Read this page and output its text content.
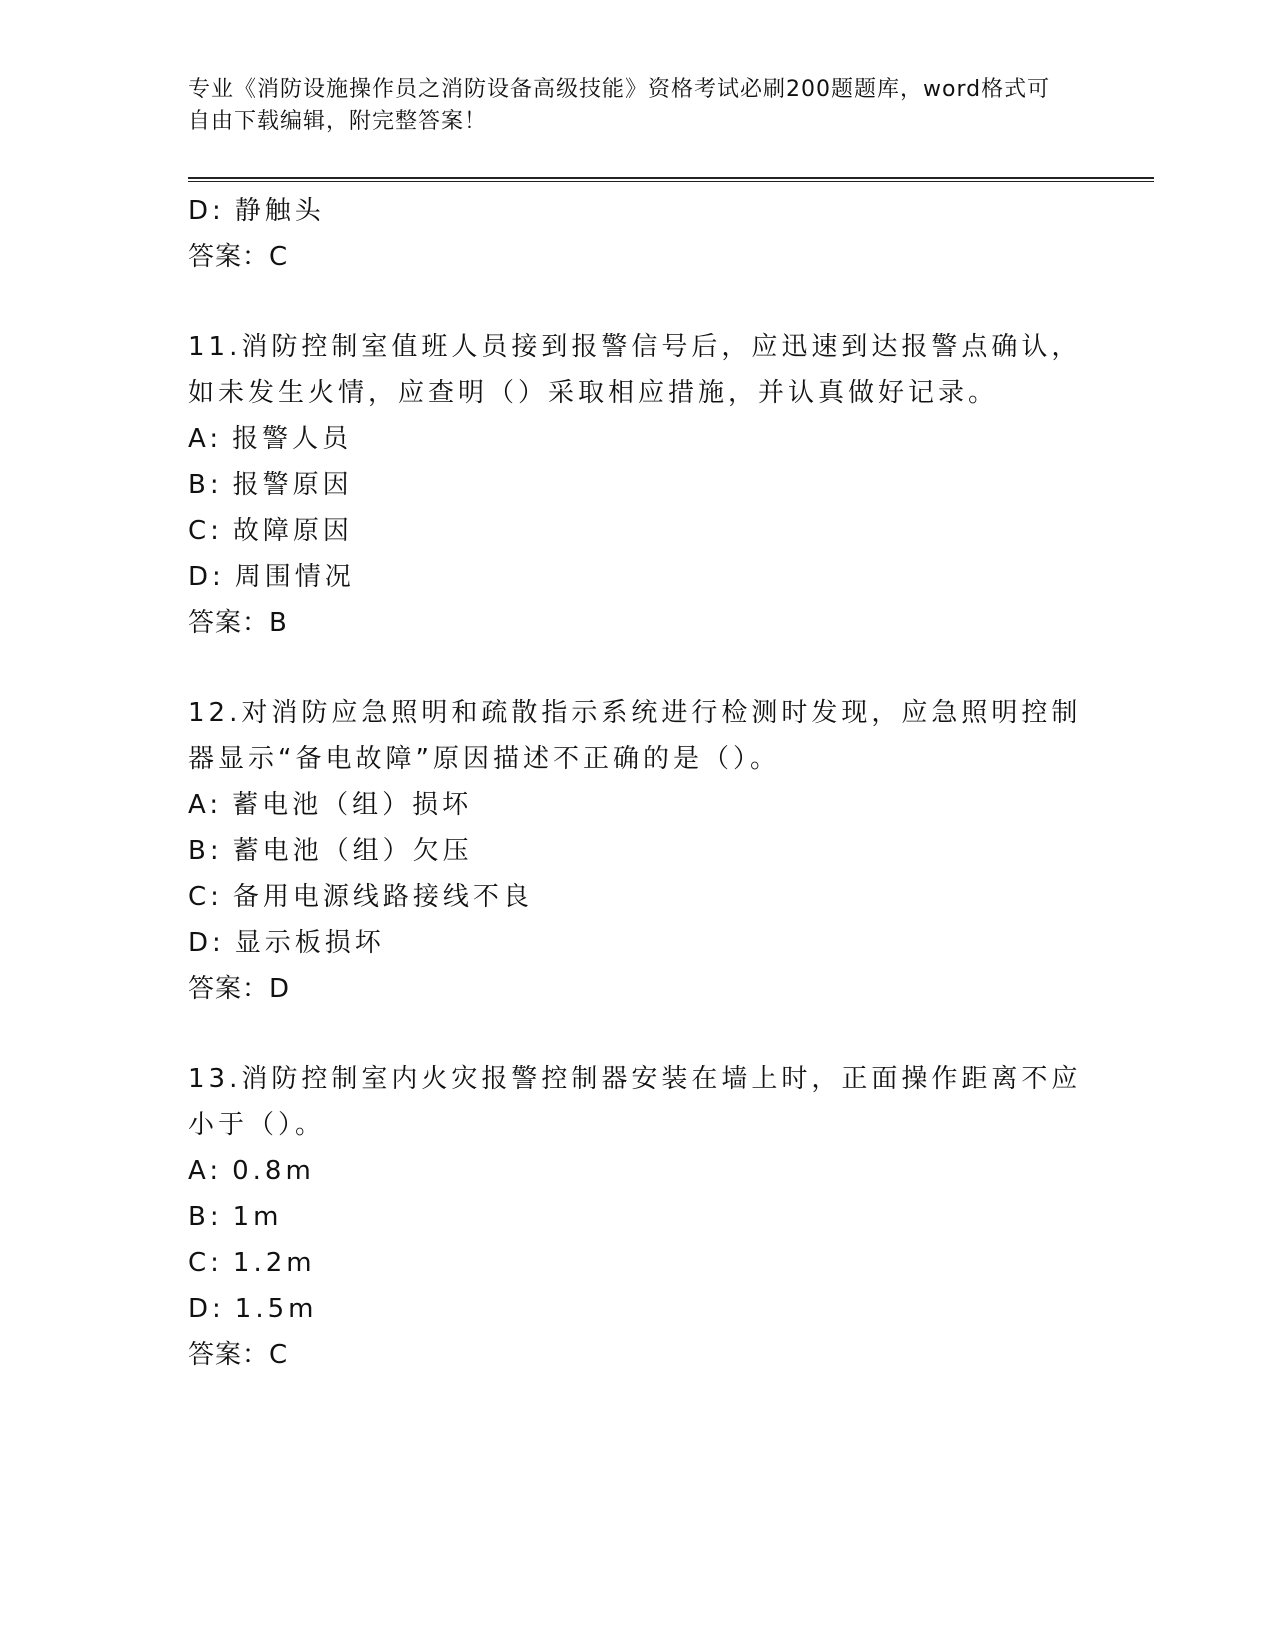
专业《消防设施操作员之消防设备高级技能》资格考试必刷200题题库，word格式可自由下载编辑，附完整答案！
D: 静触头
答案：C
11.消防控制室值班人员接到报警信号后，应迅速到达报警点确认，如未发生火情，应查明（）采取相应措施，并认真做好记录。
A: 报警人员
B: 报警原因
C: 故障原因
D: 周围情况
答案：B
12.对消防应急照明和疏散指示系统进行检测时发现，应急照明控制器显示“备电故障”原因描述不正确的是（）。
A: 蓄电池（组）损坏
B: 蓄电池（组）欠压
C: 备用电源线路接线不良
D: 显示板损坏
答案：D
13.消防控制室内火灾报警控制器安装在墙上时，正面操作距离不应小于（）。
A: 0.8m
B: 1m
C: 1.2m
D: 1.5m
答案：C
